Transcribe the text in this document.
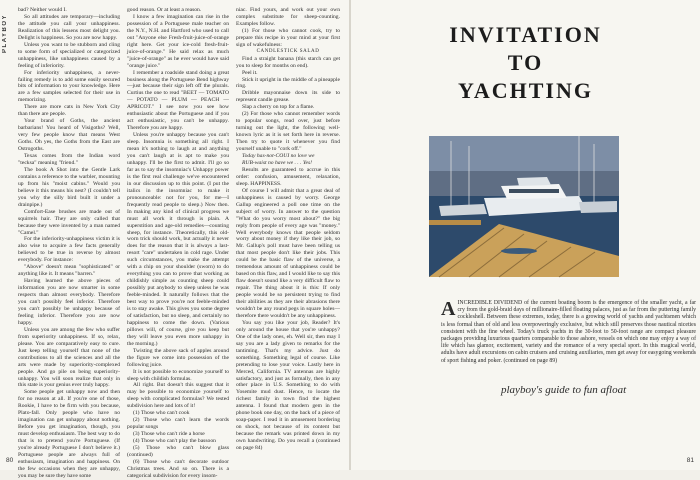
PLAYBOY

bad? Neither would I.

So all attitudes are temporary—including the attitude you call your unhappiness. Realization of this lessens most delight you. Delight is happiness. So you are now happy.

Unless you want to be stubborn and cling to some form of specialized or categorized unhappiness, like unhappiness caused by a feeling of inferiority.

For inferiority unhappiness, a never-failing remedy is to add some easily secured bits of information to your knowledge. Here are a few samples selected for their use in memorizing.

There are more cats in New York City than there are people.

Your brand of Goths, the ancient barbarians! You heard of Visigoths? Well, very few people know that means West Goths. Oh yes, the Goths from the East are Ostrogoths.

Texas comes from the Indian word "tecksa" meaning "friend."

The book A Shot into the Gentle Lark contains a reference to the warbler, mounting up from his "moist cabins." Would you believe it this means his nest? (I couldn't tell you why the silly bird built it under a drainpipe.)

Comfort-Ease brushes are made out of squirrels hair. They are only called that because they were invented by a man named "Camel."

For the inferiority-unhappiness victim it is also wise to acquire a few facts generally believed to be true in reverse by almost everybody. For instance:

"Above" doesn't mean "sophisticated" or anything like it. It means "barren."

Having learned the above pieces of information you are now smarter in some respects than almost everybody. Therefore you can't possibly feel inferior. Therefore you can't possibly be unhappy because of feeling inferior. Therefore you are now happy.

Unless you are among the few who suffer from superiority unhappiness. If so, relax, please. You are comparatively easy to cure. Just keep telling yourself that none of the contributions to all the sciences and all the arts were made by superiority-complexed people. And go pile on being superiority-unhappy. You will soon realize that only in this state is your genius ever truly happy.

Some people get unhappy now and then for no reason at all. If you're one of those, Rookie, I have to be firm with you because, Plato-fall. Only people who have no imagination can get unhappy about nothing. Before you get imagination, though, you must develop enthusiasm. The best way to do that is to pretend you're Portuguese. (If you're already Portuguese I don't believe it.) Portuguese people are always full of enthusiasm, imagination and happiness. On the few occasions when they are unhappy, you may be sure they have some

good reason. Or at least a reason.

I know a few imagination can rise in the possession of a Portuguese male teacher on the N.Y., N.H. and Hartford who used to call out "Anyone else Fresh-fruit-juice-of-orange right here. Get your ice-cold fresh-fruit-juice-of-orange." He said relax as much "juice-of-orange" as he ever would have said "orange juice."

I remember a roadside stand doing a great business along the Portuguese Bend highway—just because their sign left off the plurals. Curtius the one to read "BEET — TOMATO — POTATO — PLUM — PEACH — APRICOT." I see now you see how enthusiastic about the Portuguese and if you act enthusiastic, you can't be unhappy. Therefore you are happy.

Unless you're unhappy because you can't sleep. Insomnia is something all right. I mean it's nothing to laugh at and anything you can't laugh at is apt to make you unhappy. I'll be the first to admit. I'll go so far as to say the insomniac's Unhappy power is the first real challenge we've encountered in our discussion up to this point. (I put the italics in the insomniac to make it pronounceable: not for you, for me—I frequently read people to sleep.) Now then. In making any kind of clinical progress we must all work it through is plain. A superstition and age-old remedies—counting sheep, for instance. Theoretically, this old-worn trick should work, but actually it never does for the reason that it is always a last-resort "care" undertaken in cold rage. Under such circumstances, you make the attempt with a chip on your shoulder (sworn) to do everything you can to prove that working as childishly simple as counting sheep could possibly put anybody to sleep unless he was feeble-minded. It naturally follows that the best way to prove you're not feeble-minded is to stay awake. This gives you some degree of satisfaction, but no sleep, and certainly no happiness to come the down. (Various pillows will, of course, give you keep but they will leave you even more unhappy in the morning.)

Twisting the above sack of apples around the figure we come into possession of the following juice.

It is not possible to economize yourself to sleep with childish formulas.

All right. But doesn't this suggest that it may be possible to economize yourself to sleep with complicated formulas? We tested subdivision here and lots of it!

(1) Those who can't cook

(2) Those who can't learn the words popular songs

(3) Those who can't ride a horse

(4) Those who can't play the bassoon

(5) Those who can't blow glass (continued)

(6) Those who can't decorate outdoor Christmas trees. And so on. There is a categorical subdivision for every insom-

niac. Find yours, and work out your own complex substitute for sheep-counting. Examples follow.

(1) For those who cannot cook, try to prepare this recipe in your mind at your first sign of wakefulness:

CANDLESTICK SALAD

Find a straight banana (this starch can get you to sleep for months on end).

Peel it.

Stick it upright in the middle of a pineapple ring.

Dribble mayonnaise down its side to represent candle grease.

Slap a cherry on top for a flame.

(2) For those who cannot remember words to popular songs, read over, just before turning out the light, the following well-known lyric as it is set forth here in reverse. Then try to quote it whenever you find yourself unable to "cork off."

Today has-not-COUI no love we

RUB-waist no have we . . . Yes!

Results are guaranteed to accrue in this order: confusion, amusement, relaxation, sleep. HAPPINESS.

Of course I will admit that a great deal of unhappiness is caused by worry. George Gallup engineered a poll one time on the subject of worry. In answer to the question "What do you worry most about?" the big reply from people of every age was "money." Well everybody knows that people seldom worry about money if they like their job, so Mr. Gallup's poll must have been telling us that most people don't like their jobs. This could be the basic flaw of the universe, a tremendous amount of unhappiness could be based on this flaw, and I would like to say this flaw doesn't sound like a very difficult flaw to repair. The thing about it is this: If only people would be so persistent trying to find their abilities as they are their abrasions there wouldn't be any round pegs in square holes—therefore there wouldn't be any unhappiness.

You say you like your job, Reader? It's only around the house that you're unhappy? One of the lady ones, eh. Well sir, then may I say you are a lady given to remarks for the tantiming. That's my advice. Just do something. Something legal of course. Like pretending to lose your voice. Lastly here in Merced, California. TV antennas are highly satisfactory, and just as formally, then in any other place in U.S. Something to do with Yosemite mud dust. Hence, to locate the richest family in town find the highest antenna. I found that modern gem in the phone book one day, on the back of a piece of soap-paper. I read it in amusement bordering on shock, not because of its content but because the remark was printed down in my own handwriting. Do you recall a (continued on page 84)

80
INVITATION
TO
YACHTING
A INCREDIBLE DIVIDEND of the current boating boom is the emergence of the smaller yacht, a far cry from the gold-braid days of millionaire-filled floating palaces, just as far from the puttering family cockleshell. Between these extremes, today, there is a growing world of yachts and yachtsmen which is less formal than of old and less overpoweringly exclusive, but which still preserves those nautical niceties consistent with the fine wheel. Today's truck yachts in the 30-foot to 50-foot range are compact pleasure packages providing luxurious quarters comparable to those ashore, vessels on which one may enjoy a way of life which has glamor, excitement, variety and the romance of a very special sport. In this magical world, adults have adult excursions on cabin cruisers and cruising auxiliaries, men get away for easygoing weekends of sport fishing and poker. (continued on page 89)
playboy's guide to fun afloat
81
